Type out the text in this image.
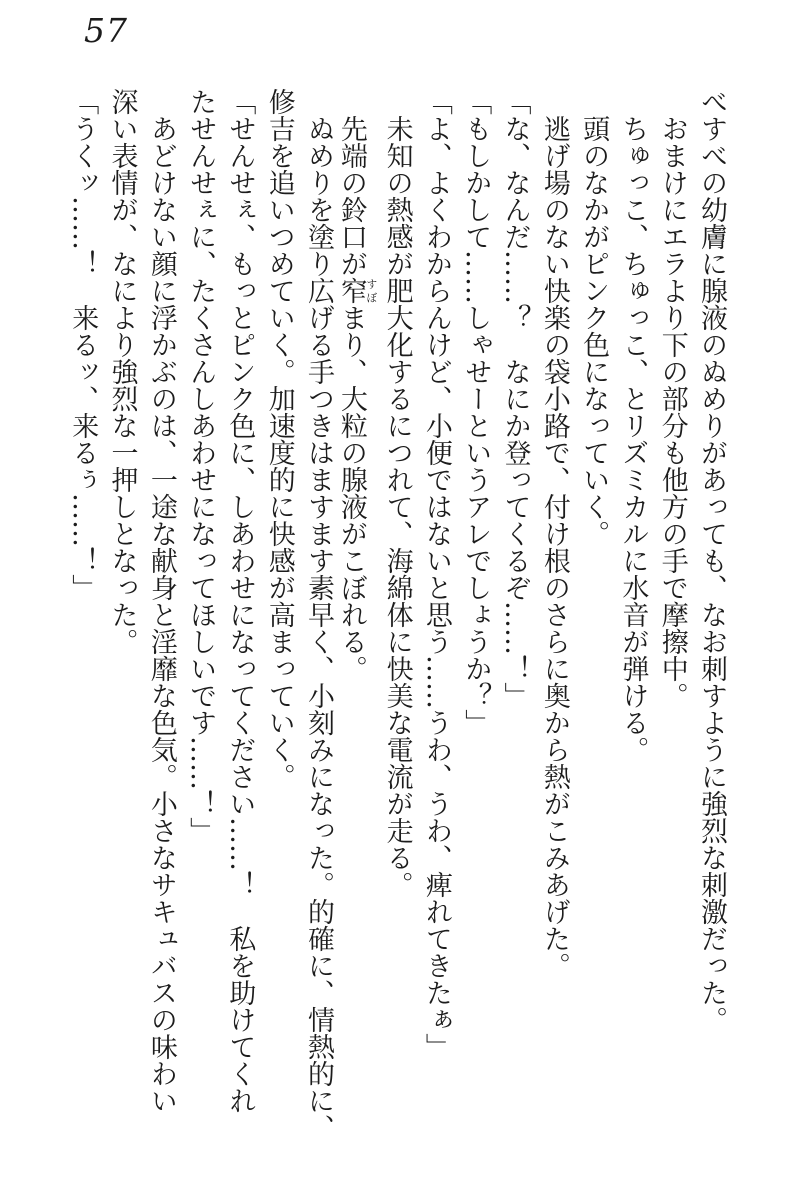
57

べすべの幼膚に腺液のぬめりがあっても、なお刺すように強烈な刺激だった。

おまけにエラより下の部分も他方の手で摩擦中。

ちゅっこ、ちゅっこ、とリズミカルに水音が弾ける。

頭のなかがピンク色になっていく。

逃げ場のない快楽の袋小路で、付け根のさらに奥から熱がこみあげた。

「な、なんだ……？　なにか登ってくるぞ……！」

「もしかして……しゃせーというアレでしょうか？」

「よ、よくわからんけど、小便ではないと思う……うわ、うわ、痺れてきたぁ」

未知の熱感が肥大化するにつれて、海綿体に快美な電流が走る。

先端の鈴口が窄すぼまり、大粒の腺液がこぼれる。

ぬめりを塗り広げる手つきはますます素早く、小刻みになった。的確に、情熱的に、

修吉を追いつめていく。加速度的に快感が高まっていく。

「せんせぇ、もっとピンク色に、しあわせになってください……！　私を助けてくれ

たせんせぇに、たくさんしあわせになってほしいです……！」

あどけない顔に浮かぶのは、一途な献身と淫靡な色気。小さなサキュバスの味わい

深い表情が、なにより強烈な一押しとなった。

「うくッ……！　来るッ、来るぅ……！」
